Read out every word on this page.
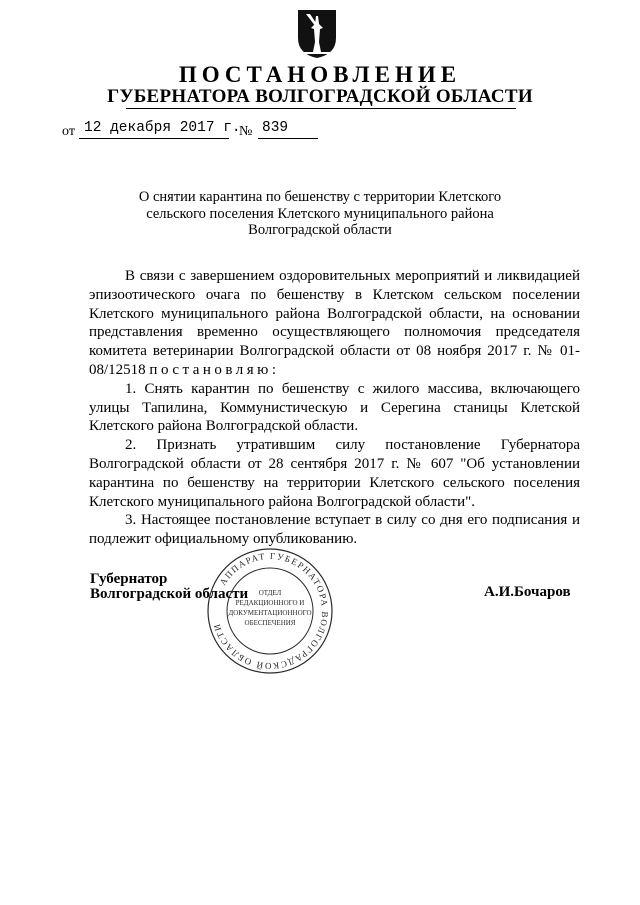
ПОСТАНОВЛЕНИЕ
ГУБЕРНАТОРА ВОЛГОГРАДСКОЙ ОБЛАСТИ
от 12 декабря 2017 г.
№ 839
О снятии карантина по бешенству с территории Клетского
сельского поселения Клетского муниципального района
Волгоградской области

В связи с завершением оздоровительных мероприятий и ликвидацией эпизоотического очага по бешенству в Клетском сельском поселении Клетского муниципального района Волгоградской области, на основании представления временно осуществляющего полномочия председателя комитета ветеринарии Волгоградской области от 08 ноября 2017 г. № 01-08/12518 постановляю:

1. Снять карантин по бешенству с жилого массива, включающего улицы Тапилина, Коммунистическую и Серегина станицы Клетской Клетского района Волгоградской области.

2. Признать утратившим силу постановление Губернатора Волгоградской области от 28 сентября 2017 г. № 607 "Об установлении карантина по бешенству на территории Клетского сельского поселения Клетского муниципального района Волгоградской области".

3. Настоящее постановление вступает в силу со дня его подписания и подлежит официальному опубликованию.

АППАРАТ ГУБЕРНАТОРА ВОЛГОГРАДСКОЙ ОБЛАСТИ
ОТДЕЛ
РЕДАКЦИОННОГО И
ДОКУМЕНТАЦИОННОГО
ОБЕСПЕЧЕНИЯ
Губернатор
Волгоградской области	А.И.Бочаров
